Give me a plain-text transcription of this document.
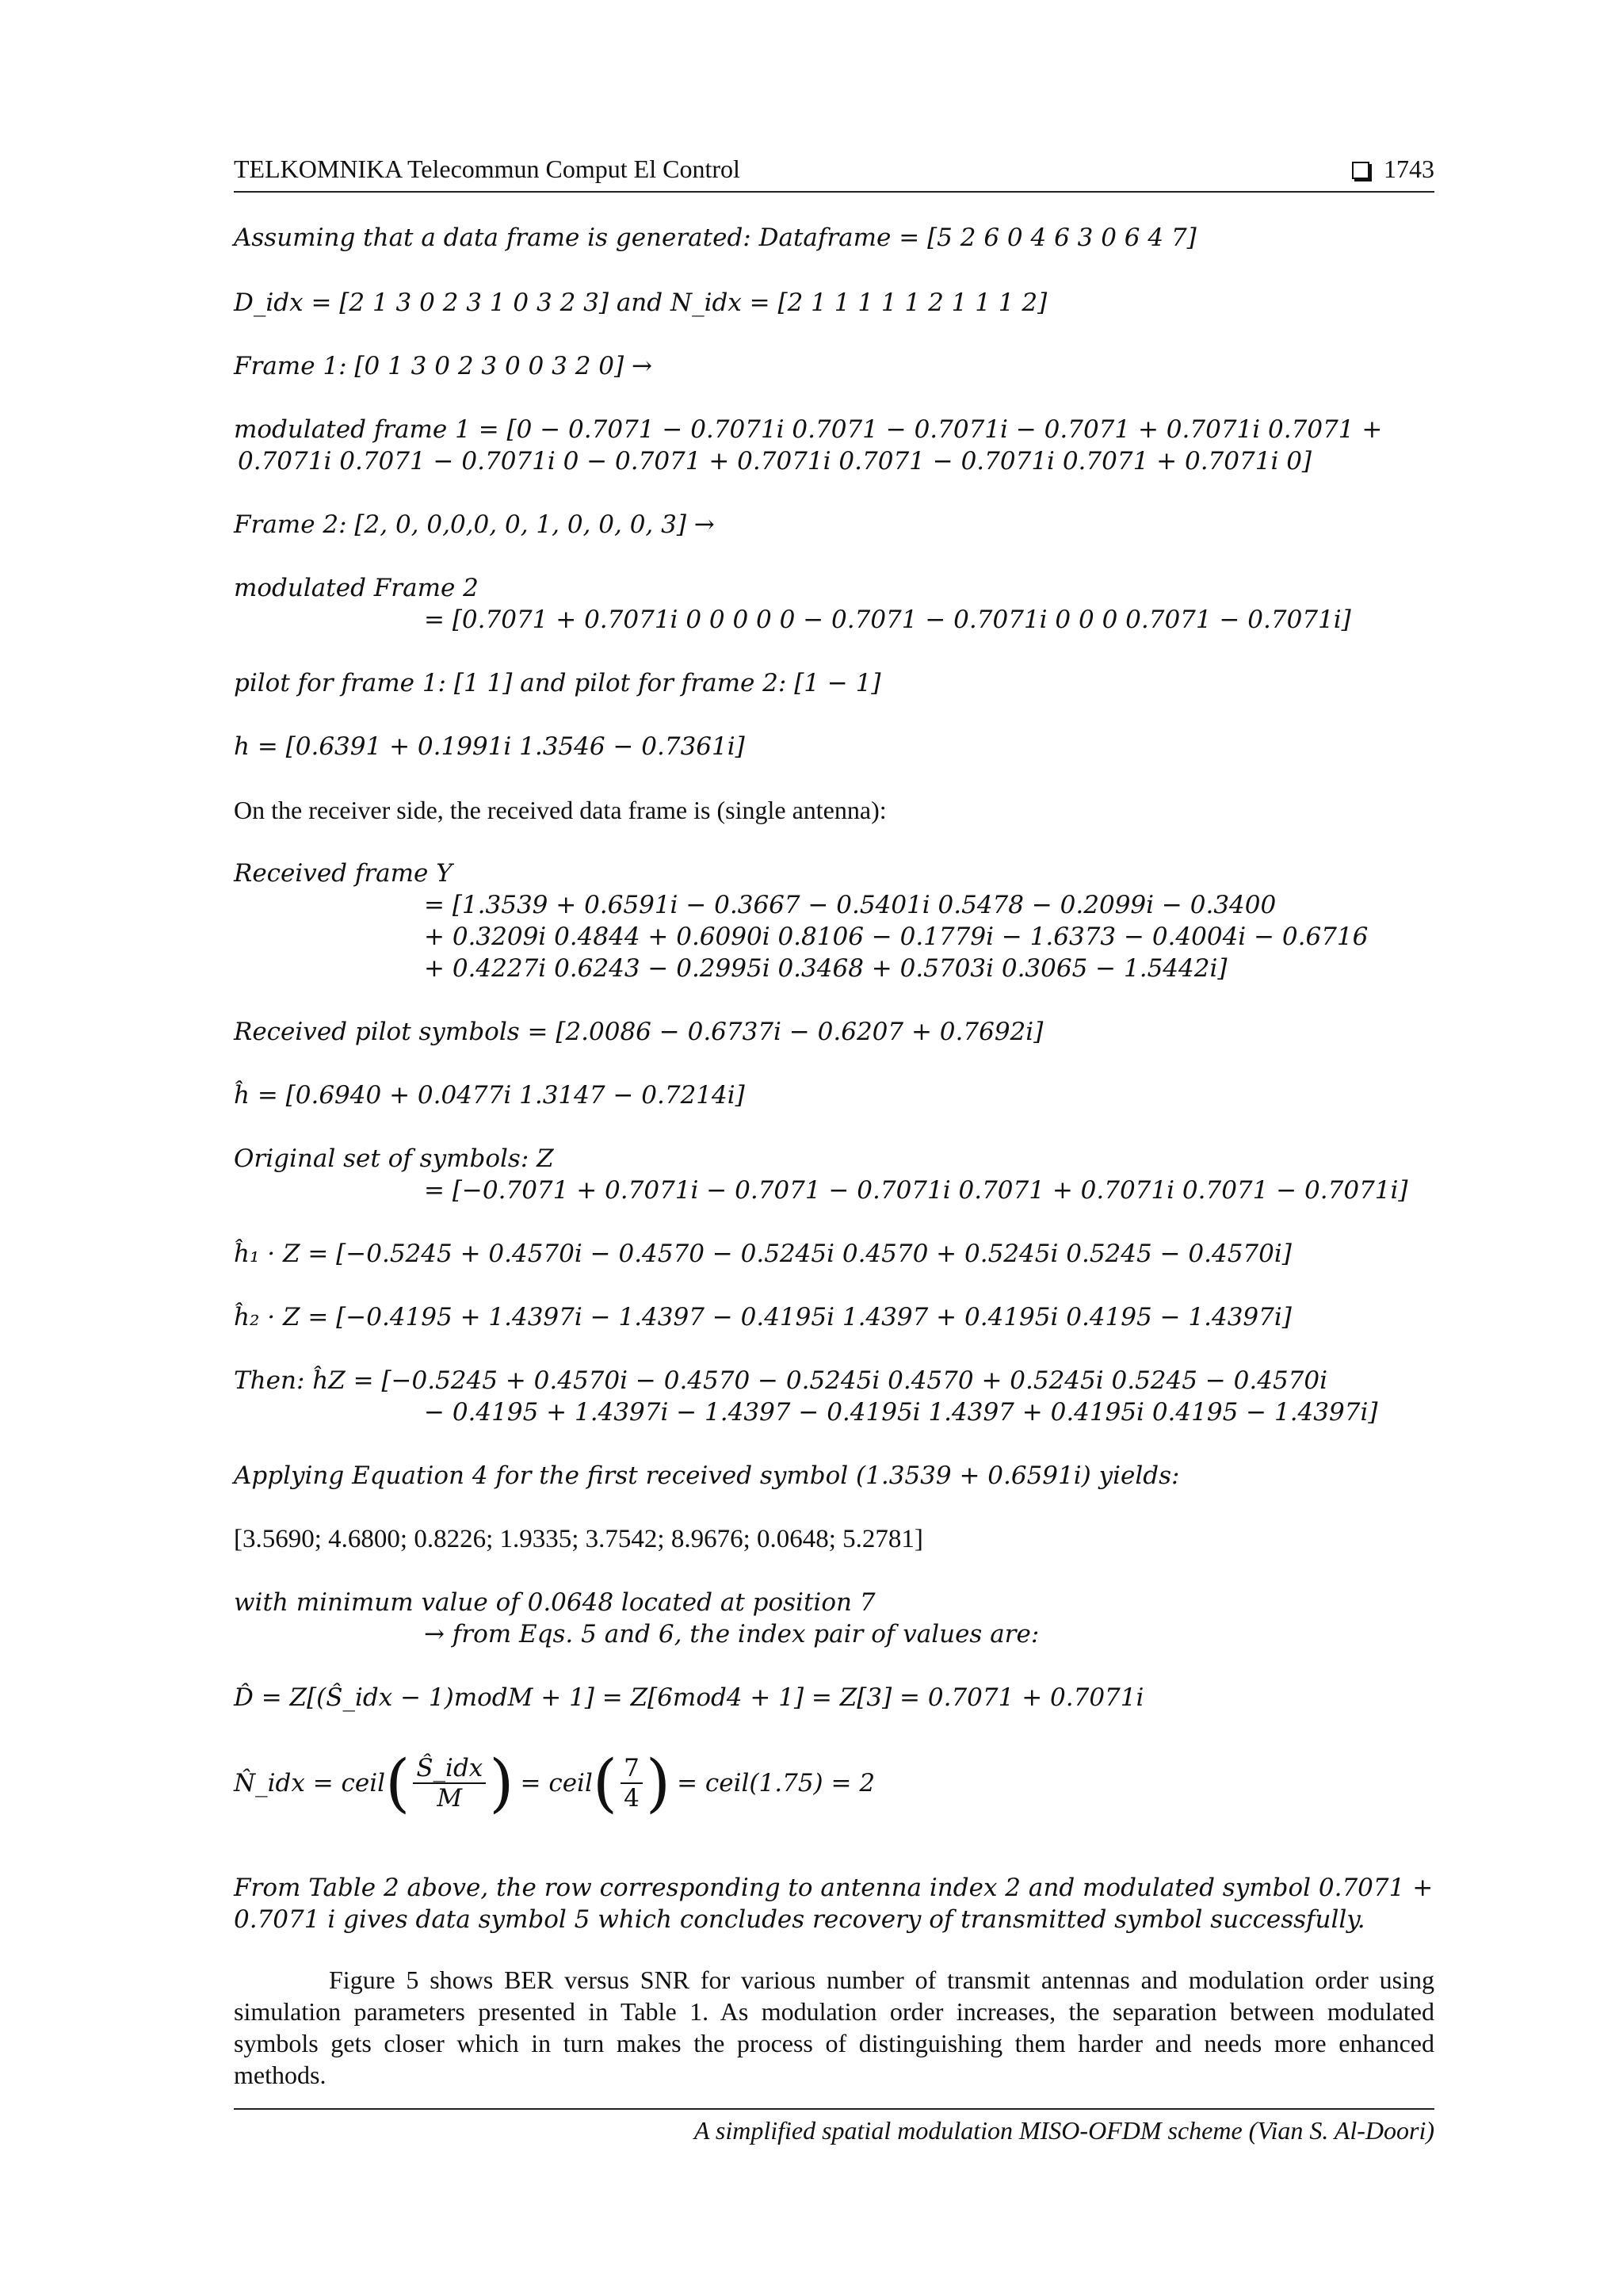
TELKOMNIKA Telecommun Comput El Control	1743
Assuming that a data frame is generated: Dataframe = [5 2 6 0 4 6 3 0 6 4 7]
D_idx = [2 1 3 0 2 3 1 0 3 2 3] and N_idx = [2 1 1 1 1 1 2 1 1 1 2]
Frame 1: [0 1 3 0 2 3 0 0 3 2 0] →
modulated frame 1 = [0 − 0.7071 − 0.7071i 0.7071 − 0.7071i − 0.7071 + 0.7071i 0.7071 +
0.7071i 0.7071 − 0.7071i 0 − 0.7071 + 0.7071i 0.7071 − 0.7071i 0.7071 + 0.7071i 0]
Frame 2: [2, 0, 0,0,0, 0, 1, 0, 0, 0, 3] →
modulated Frame 2
= [0.7071 + 0.7071i 0 0 0 0 0 − 0.7071 − 0.7071i 0 0 0 0.7071 − 0.7071i]
pilot for frame 1: [1 1] and pilot for frame 2: [1 − 1]
h = [0.6391 + 0.1991i 1.3546 − 0.7361i]
On the receiver side, the received data frame is (single antenna):
Received frame Y
= [1.3539 + 0.6591i − 0.3667 − 0.5401i 0.5478 − 0.2099i − 0.3400
+ 0.3209i 0.4844 + 0.6090i 0.8106 − 0.1779i − 1.6373 − 0.4004i − 0.6716
+ 0.4227i 0.6243 − 0.2995i 0.3468 + 0.5703i 0.3065 − 1.5442i]
Received pilot symbols = [2.0086 − 0.6737i − 0.6207 + 0.7692i]
ĥ = [0.6940 + 0.0477i 1.3147 − 0.7214i]
Original set of symbols: Z
= [−0.7071 + 0.7071i − 0.7071 − 0.7071i 0.7071 + 0.7071i 0.7071 − 0.7071i]
ĥ₁ · Z = [−0.5245 + 0.4570i − 0.4570 − 0.5245i 0.4570 + 0.5245i 0.5245 − 0.4570i]
ĥ₂ · Z = [−0.4195 + 1.4397i − 1.4397 − 0.4195i 1.4397 + 0.4195i 0.4195 − 1.4397i]
Then: ĥZ = [−0.5245 + 0.4570i − 0.4570 − 0.5245i 0.4570 + 0.5245i 0.5245 − 0.4570i
− 0.4195 + 1.4397i − 1.4397 − 0.4195i 1.4397 + 0.4195i 0.4195 − 1.4397i]
Applying Equation 4 for the first received symbol (1.3539 + 0.6591i) yields:
[3.5690; 4.6800; 0.8226; 1.9335; 3.7542; 8.9676; 0.0648; 5.2781]
with minimum value of 0.0648 located at position 7
→ from Eqs. 5 and 6, the index pair of values are:
D̂ = Z[(Ŝ_idx − 1)modM + 1] = Z[6mod4 + 1] = Z[3] = 0.7071 + 0.7071i
N̂_idx = ceil ( $\frac{\text{Ŝ\_idx}}{M}$ ) = ceil ( $\frac{7}{4}$ ) = ceil(1.75) = 2
From Table 2 above, the row corresponding to antenna index 2 and modulated symbol 0.7071 +
0.7071 i gives data symbol 5 which concludes recovery of transmitted symbol successfully.
Figure 5 shows BER versus SNR for various number of transmit antennas and modulation order using simulation parameters presented in Table 1. As modulation order increases, the separation between modulated symbols gets closer which in turn makes the process of distinguishing them harder and needs more enhanced methods.
A simplified spatial modulation MISO-OFDM scheme (Vian S. Al-Doori)
